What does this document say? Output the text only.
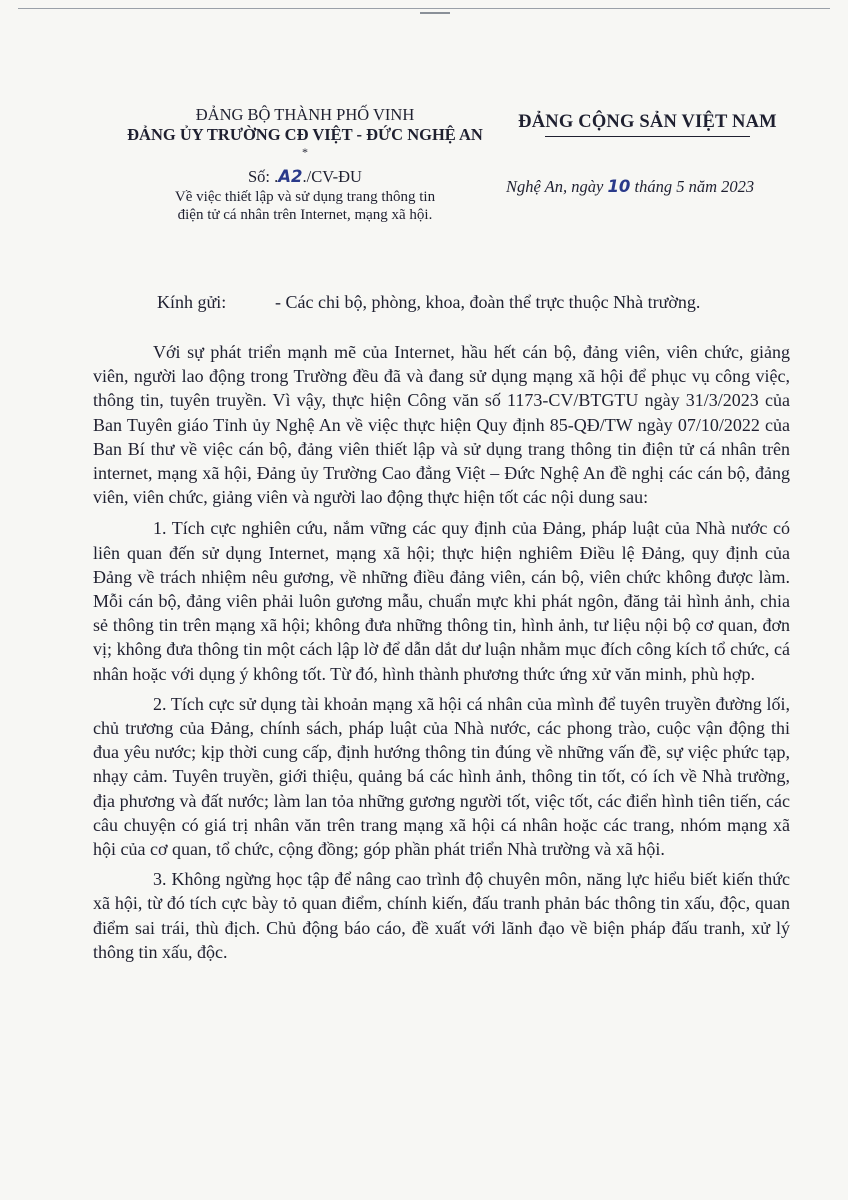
ĐẢNG BỘ THÀNH PHỐ VINH
ĐẢNG ỦY TRƯỜNG CĐ VIỆT - ĐỨC NGHỆ AN
*
Số: .A2./CV-ĐU
Về việc thiết lập và sử dụng trang thông tin
điện tử cá nhân trên Internet, mạng xã hội.
ĐẢNG CỘNG SẢN VIỆT NAM
Nghệ An, ngày 10 tháng 5 năm 2023
Kính gửi:	- Các chi bộ, phòng, khoa, đoàn thể trực thuộc Nhà trường.

Với sự phát triển mạnh mẽ của Internet, hầu hết cán bộ, đảng viên, viên chức, giảng viên, người lao động trong Trường đều đã và đang sử dụng mạng xã hội để phục vụ công việc, thông tin, tuyên truyền. Vì vậy, thực hiện Công văn số 1173-CV/BTGTU ngày 31/3/2023 của Ban Tuyên giáo Tỉnh ủy Nghệ An về việc thực hiện Quy định 85-QĐ/TW ngày 07/10/2022 của Ban Bí thư về việc cán bộ, đảng viên thiết lập và sử dụng trang thông tin điện tử cá nhân trên internet, mạng xã hội, Đảng ủy Trường Cao đẳng Việt – Đức Nghệ An đề nghị các cán bộ, đảng viên, viên chức, giảng viên và người lao động thực hiện tốt các nội dung sau:

1. Tích cực nghiên cứu, nắm vững các quy định của Đảng, pháp luật của Nhà nước có liên quan đến sử dụng Internet, mạng xã hội; thực hiện nghiêm Điều lệ Đảng, quy định của Đảng về trách nhiệm nêu gương, về những điều đảng viên, cán bộ, viên chức không được làm. Mỗi cán bộ, đảng viên phải luôn gương mẫu, chuẩn mực khi phát ngôn, đăng tải hình ảnh, chia sẻ thông tin trên mạng xã hội; không đưa những thông tin, hình ảnh, tư liệu nội bộ cơ quan, đơn vị; không đưa thông tin một cách lập lờ để dẫn dắt dư luận nhằm mục đích công kích tổ chức, cá nhân hoặc với dụng ý không tốt. Từ đó, hình thành phương thức ứng xử văn minh, phù hợp.

2. Tích cực sử dụng tài khoản mạng xã hội cá nhân của mình để tuyên truyền đường lối, chủ trương của Đảng, chính sách, pháp luật của Nhà nước, các phong trào, cuộc vận động thi đua yêu nước; kịp thời cung cấp, định hướng thông tin đúng về những vấn đề, sự việc phức tạp, nhạy cảm. Tuyên truyền, giới thiệu, quảng bá các hình ảnh, thông tin tốt, có ích về Nhà trường, địa phương và đất nước; làm lan tỏa những gương người tốt, việc tốt, các điển hình tiên tiến, các câu chuyện có giá trị nhân văn trên trang mạng xã hội cá nhân hoặc các trang, nhóm mạng xã hội của cơ quan, tổ chức, cộng đồng; góp phần phát triển Nhà trường và xã hội.

3. Không ngừng học tập để nâng cao trình độ chuyên môn, năng lực hiểu biết kiến thức xã hội, từ đó tích cực bày tỏ quan điểm, chính kiến, đấu tranh phản bác thông tin xấu, độc, quan điểm sai trái, thù địch. Chủ động báo cáo, đề xuất với lãnh đạo về biện pháp đấu tranh, xử lý thông tin xấu, độc.
